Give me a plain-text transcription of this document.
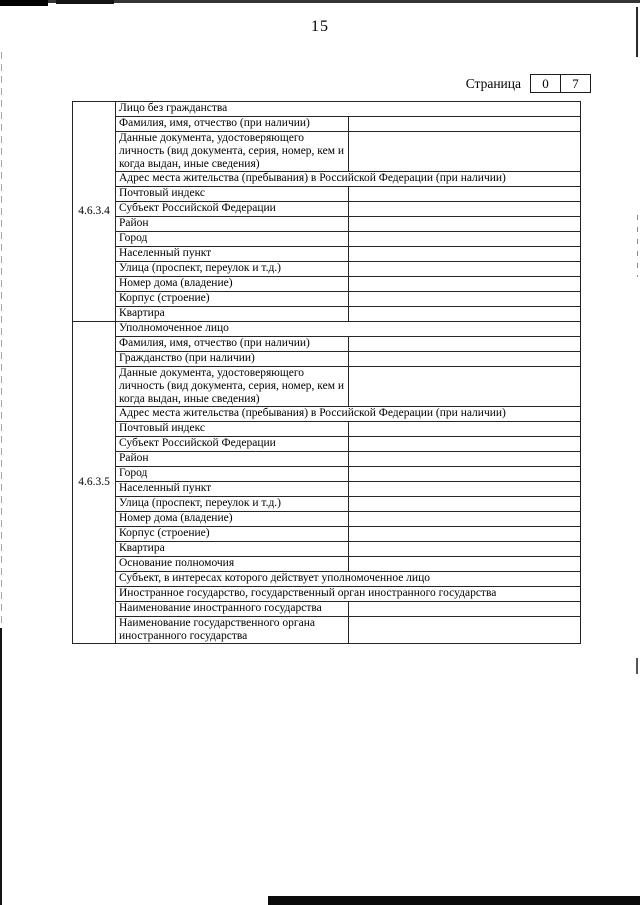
15
Страница	0	7
4.6.3.4	Лицо без гражданства	
	Фамилия, имя, отчество (при наличии)	
	Данные документа, удостоверяющего личность (вид документа, серия, номер, кем и когда выдан, иные сведения)	
	Адрес места жительства (пребывания) в Российской Федерации (при наличии)	
	Почтовый индекс	
	Субъект Российской Федерации	
	Район	
	Город	
	Населенный пункт	
	Улица (проспект, переулок и т.д.)	
	Номер дома (владение)	
	Корпус (строение)	
	Квартира	
4.6.3.5	Уполномоченное лицо	
	Фамилия, имя, отчество (при наличии)	
	Гражданство (при наличии)	
	Данные документа, удостоверяющего личность (вид документа, серия, номер, кем и когда выдан, иные сведения)	
	Адрес места жительства (пребывания) в Российской Федерации (при наличии)	
	Почтовый индекс	
	Субъект Российской Федерации	
	Район	
	Город	
	Населенный пункт	
	Улица (проспект, переулок и т.д.)	
	Номер дома (владение)	
	Корпус (строение)	
	Квартира	
	Основание полномочия	
	Субъект, в интересах которого действует уполномоченное лицо	
	Иностранное государство, государственный орган иностранного государства	
	Наименование иностранного государства	
	Наименование государственного органа иностранного государства	
